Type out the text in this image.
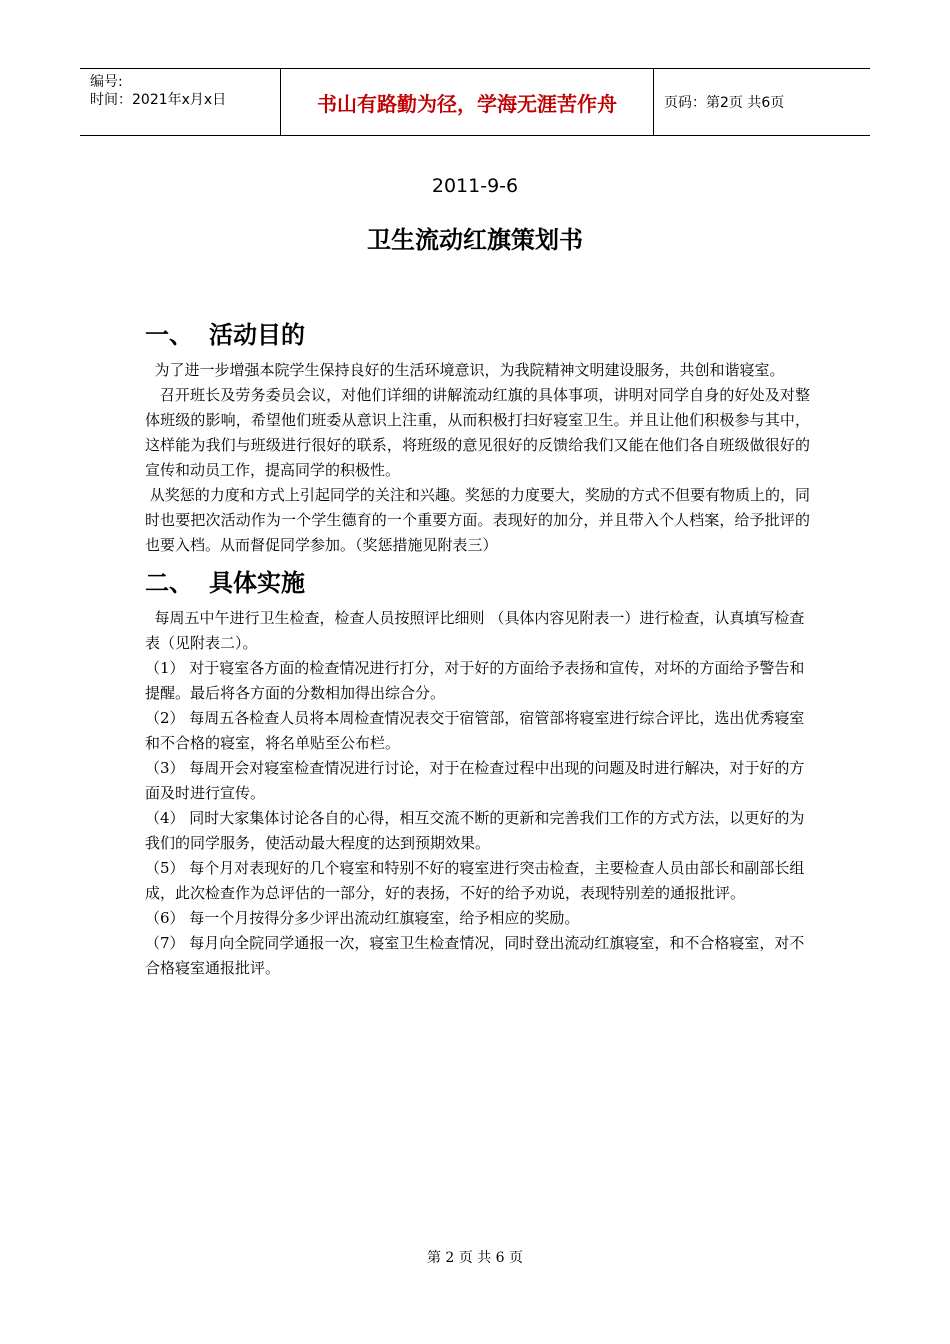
编号:
时间：2021年x月x日	书山有路勤为径，学海无涯苦作舟	页码：第2页 共6页
2011-9-6
卫生流动红旗策划书
一、 活动目的

为了进一步增强本院学生保持良好的生活环境意识，为我院精神文明建设服务，共创和谐寝室。

召开班长及劳务委员会议，对他们详细的讲解流动红旗的具体事项，讲明对同学自身的好处及对整体班级的影响，希望他们班委从意识上注重，从而积极打扫好寝室卫生。并且让他们积极参与其中，这样能为我们与班级进行很好的联系，将班级的意见很好的反馈给我们又能在他们各自班级做很好的宣传和动员工作，提高同学的积极性。

从奖惩的力度和方式上引起同学的关注和兴趣。奖惩的力度要大，奖励的方式不但要有物质上的，同时也要把次活动作为一个学生德育的一个重要方面。表现好的加分，并且带入个人档案，给予批评的也要入档。从而督促同学参加。（奖惩措施见附表三）

二、 具体实施

每周五中午进行卫生检查，检查人员按照评比细则 （具体内容见附表一）进行检查，认真填写检查表（见附表二）。

（1） 对于寝室各方面的检查情况进行打分，对于好的方面给予表扬和宣传，对坏的方面给予警告和提醒。最后将各方面的分数相加得出综合分。

（2） 每周五各检查人员将本周检查情况表交于宿管部，宿管部将寝室进行综合评比，选出优秀寝室和不合格的寝室，将名单贴至公布栏。

（3） 每周开会对寝室检查情况进行讨论，对于在检查过程中出现的问题及时进行解决，对于好的方面及时进行宣传。

（4） 同时大家集体讨论各自的心得，相互交流不断的更新和完善我们工作的方式方法，以更好的为我们的同学服务，使活动最大程度的达到预期效果。

（5） 每个月对表现好的几个寝室和特别不好的寝室进行突击检查，主要检查人员由部长和副部长组成，此次检查作为总评估的一部分，好的表扬，不好的给予劝说，表现特别差的通报批评。

（6） 每一个月按得分多少评出流动红旗寝室，给予相应的奖励。

（7） 每月向全院同学通报一次，寝室卫生检查情况，同时登出流动红旗寝室，和不合格寝室，对不合格寝室通报批评。

第 2 页 共 6 页
